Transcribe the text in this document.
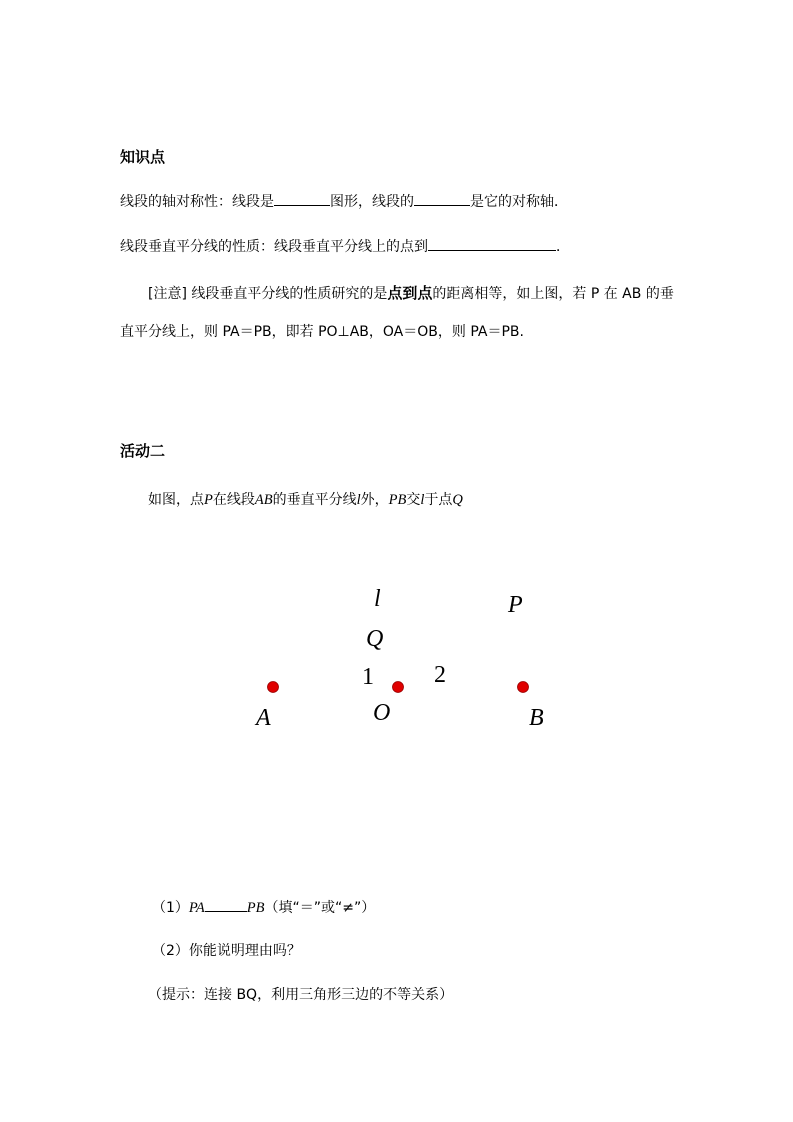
知识点
线段的轴对称性：线段是	图形，线段的	是它的对称轴．
线段垂直平分线的性质：线段垂直平分线上的点到	．
[注意] 线段垂直平分线的性质研究的是点到点的距离相等，如上图，若 P 在 AB 的垂
直平分线上，则 PA＝PB，即若 PO⊥AB，OA＝OB，则 PA＝PB.
活动二
如图，点P在线段AB的垂直平分线l外，PB交l于点Q
l	P
Q
1	2
A	O	B
（1）PA	PB（填“＝”或“≠”）
（2）你能说明理由吗？
（提示：连接 BQ，利用三角形三边的不等关系）
